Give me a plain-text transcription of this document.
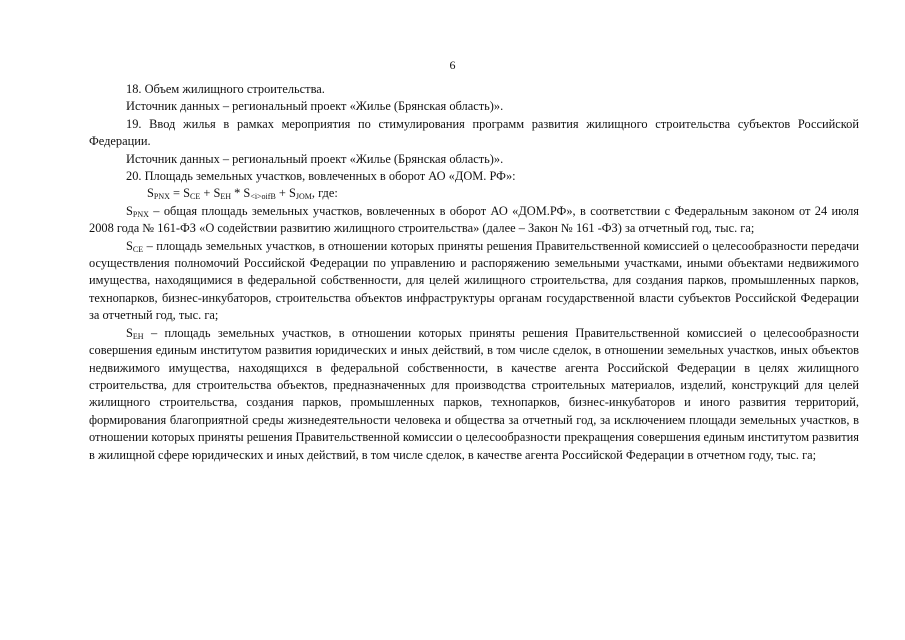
6

18. Объем жилищного строительства.

Источник данных – региональный проект «Жилье (Брянская область)».

19. Ввод жилья в рамках мероприятия по стимулирования программ развития жилищного строительства субъектов Российской Федерации.

Источник данных – региональный проект «Жилье (Брянская область)».

20. Площадь земельных участков, вовлеченных в оборот АО «ДОМ. РФ»:

$S_{PNX} = S_{CE} + S_{EH} * S_{<i>oifB} + S_{JOM}$, где:

$S_{PNX}$ – общая площадь земельных участков, вовлеченных в оборот АО «ДОМ.РФ», в соответствии с Федеральным законом от 24 июля 2008 года № 161-ФЗ «О содействии развитию жилищного строительства» (далее – Закон № 161 -ФЗ) за отчетный год, тыс. га;

$S_{CE}$ – площадь земельных участков, в отношении которых приняты решения Правительственной комиссией о целесообразности передачи осуществления полномочий Российской Федерации по управлению и распоряжению земельными участками, иными объектами недвижимого имущества, находящимися в федеральной собственности, для целей жилищного строительства, для создания парков, промышленных парков, технопарков, бизнес-инкубаторов, строительства объектов инфраструктуры органам государственной власти субъектов Российской Федерации за отчетный год, тыс. га;

$S_{EH}$ – площадь земельных участков, в отношении которых приняты решения Правительственной комиссией о целесообразности совершения единым институтом развития юридических и иных действий, в том числе сделок, в отношении земельных участков, иных объектов недвижимого имущества, находящихся в федеральной собственности, в качестве агента Российской Федерации в целях жилищного строительства, для строительства объектов, предназначенных для производства строительных материалов, изделий, конструкций для целей жилищного строительства, создания парков, промышленных парков, технопарков, бизнес-инкубаторов и иного развития территорий, формирования благоприятной среды жизнедеятельности человека и общества за отчетный год, за исключением площади земельных участков, в отношении которых приняты решения Правительственной комиссии о целесообразности прекращения совершения единым институтом развития в жилищной сфере юридических и иных действий, в том числе сделок, в качестве агента Российской Федерации в отчетном году, тыс. га;
